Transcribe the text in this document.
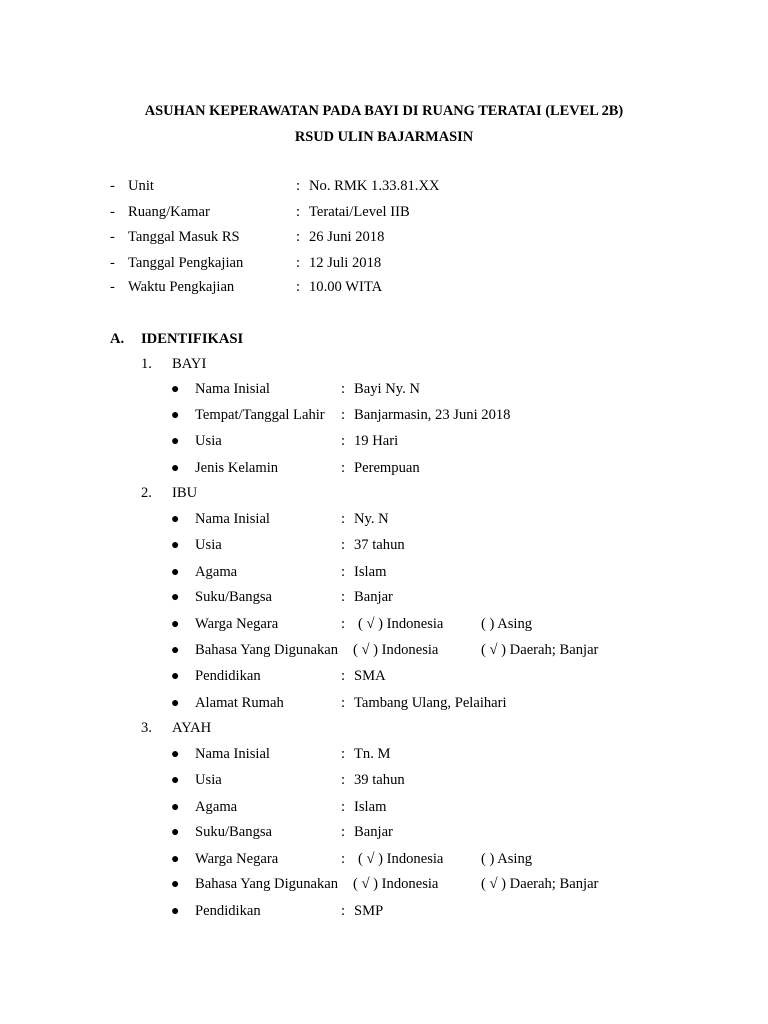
ASUHAN KEPERAWATAN PADA BAYI DI RUANG TERATAI (LEVEL 2B)
RSUD ULIN BAJARMASIN
- Unit	: No. RMK 1.33.81.XX
- Ruang/Kamar	: Teratai/Level IIB
- Tanggal Masuk RS	: 26 Juni 2018
- Tanggal Pengkajian	: 12 Juli 2018
- Waktu Pengkajian	: 10.00 WITA
A. IDENTIFIKASI
1. BAYI
● Nama Inisial	: Bayi Ny. N
● Tempat/Tanggal Lahir : Banjarmasin, 23 Juni 2018
● Usia	: 19 Hari
● Jenis Kelamin	: Perempuan
2. IBU
● Nama Inisial	: Ny. N
● Usia	: 37 tahun
● Agama	: Islam
● Suku/Bangsa	: Banjar
● Warga Negara	: ( √ ) Indonesia	( ) Asing
● Bahasa Yang Digunakan ( √ ) Indonesia	( √ ) Daerah; Banjar
● Pendidikan	: SMA
● Alamat Rumah	: Tambang Ulang, Pelaihari
3. AYAH
● Nama Inisial	: Tn. M
● Usia	: 39 tahun
● Agama	: Islam
● Suku/Bangsa	: Banjar
● Warga Negara	: ( √ ) Indonesia	( ) Asing
● Bahasa Yang Digunakan ( √ ) Indonesia	( √ ) Daerah; Banjar
● Pendidikan	: SMP
